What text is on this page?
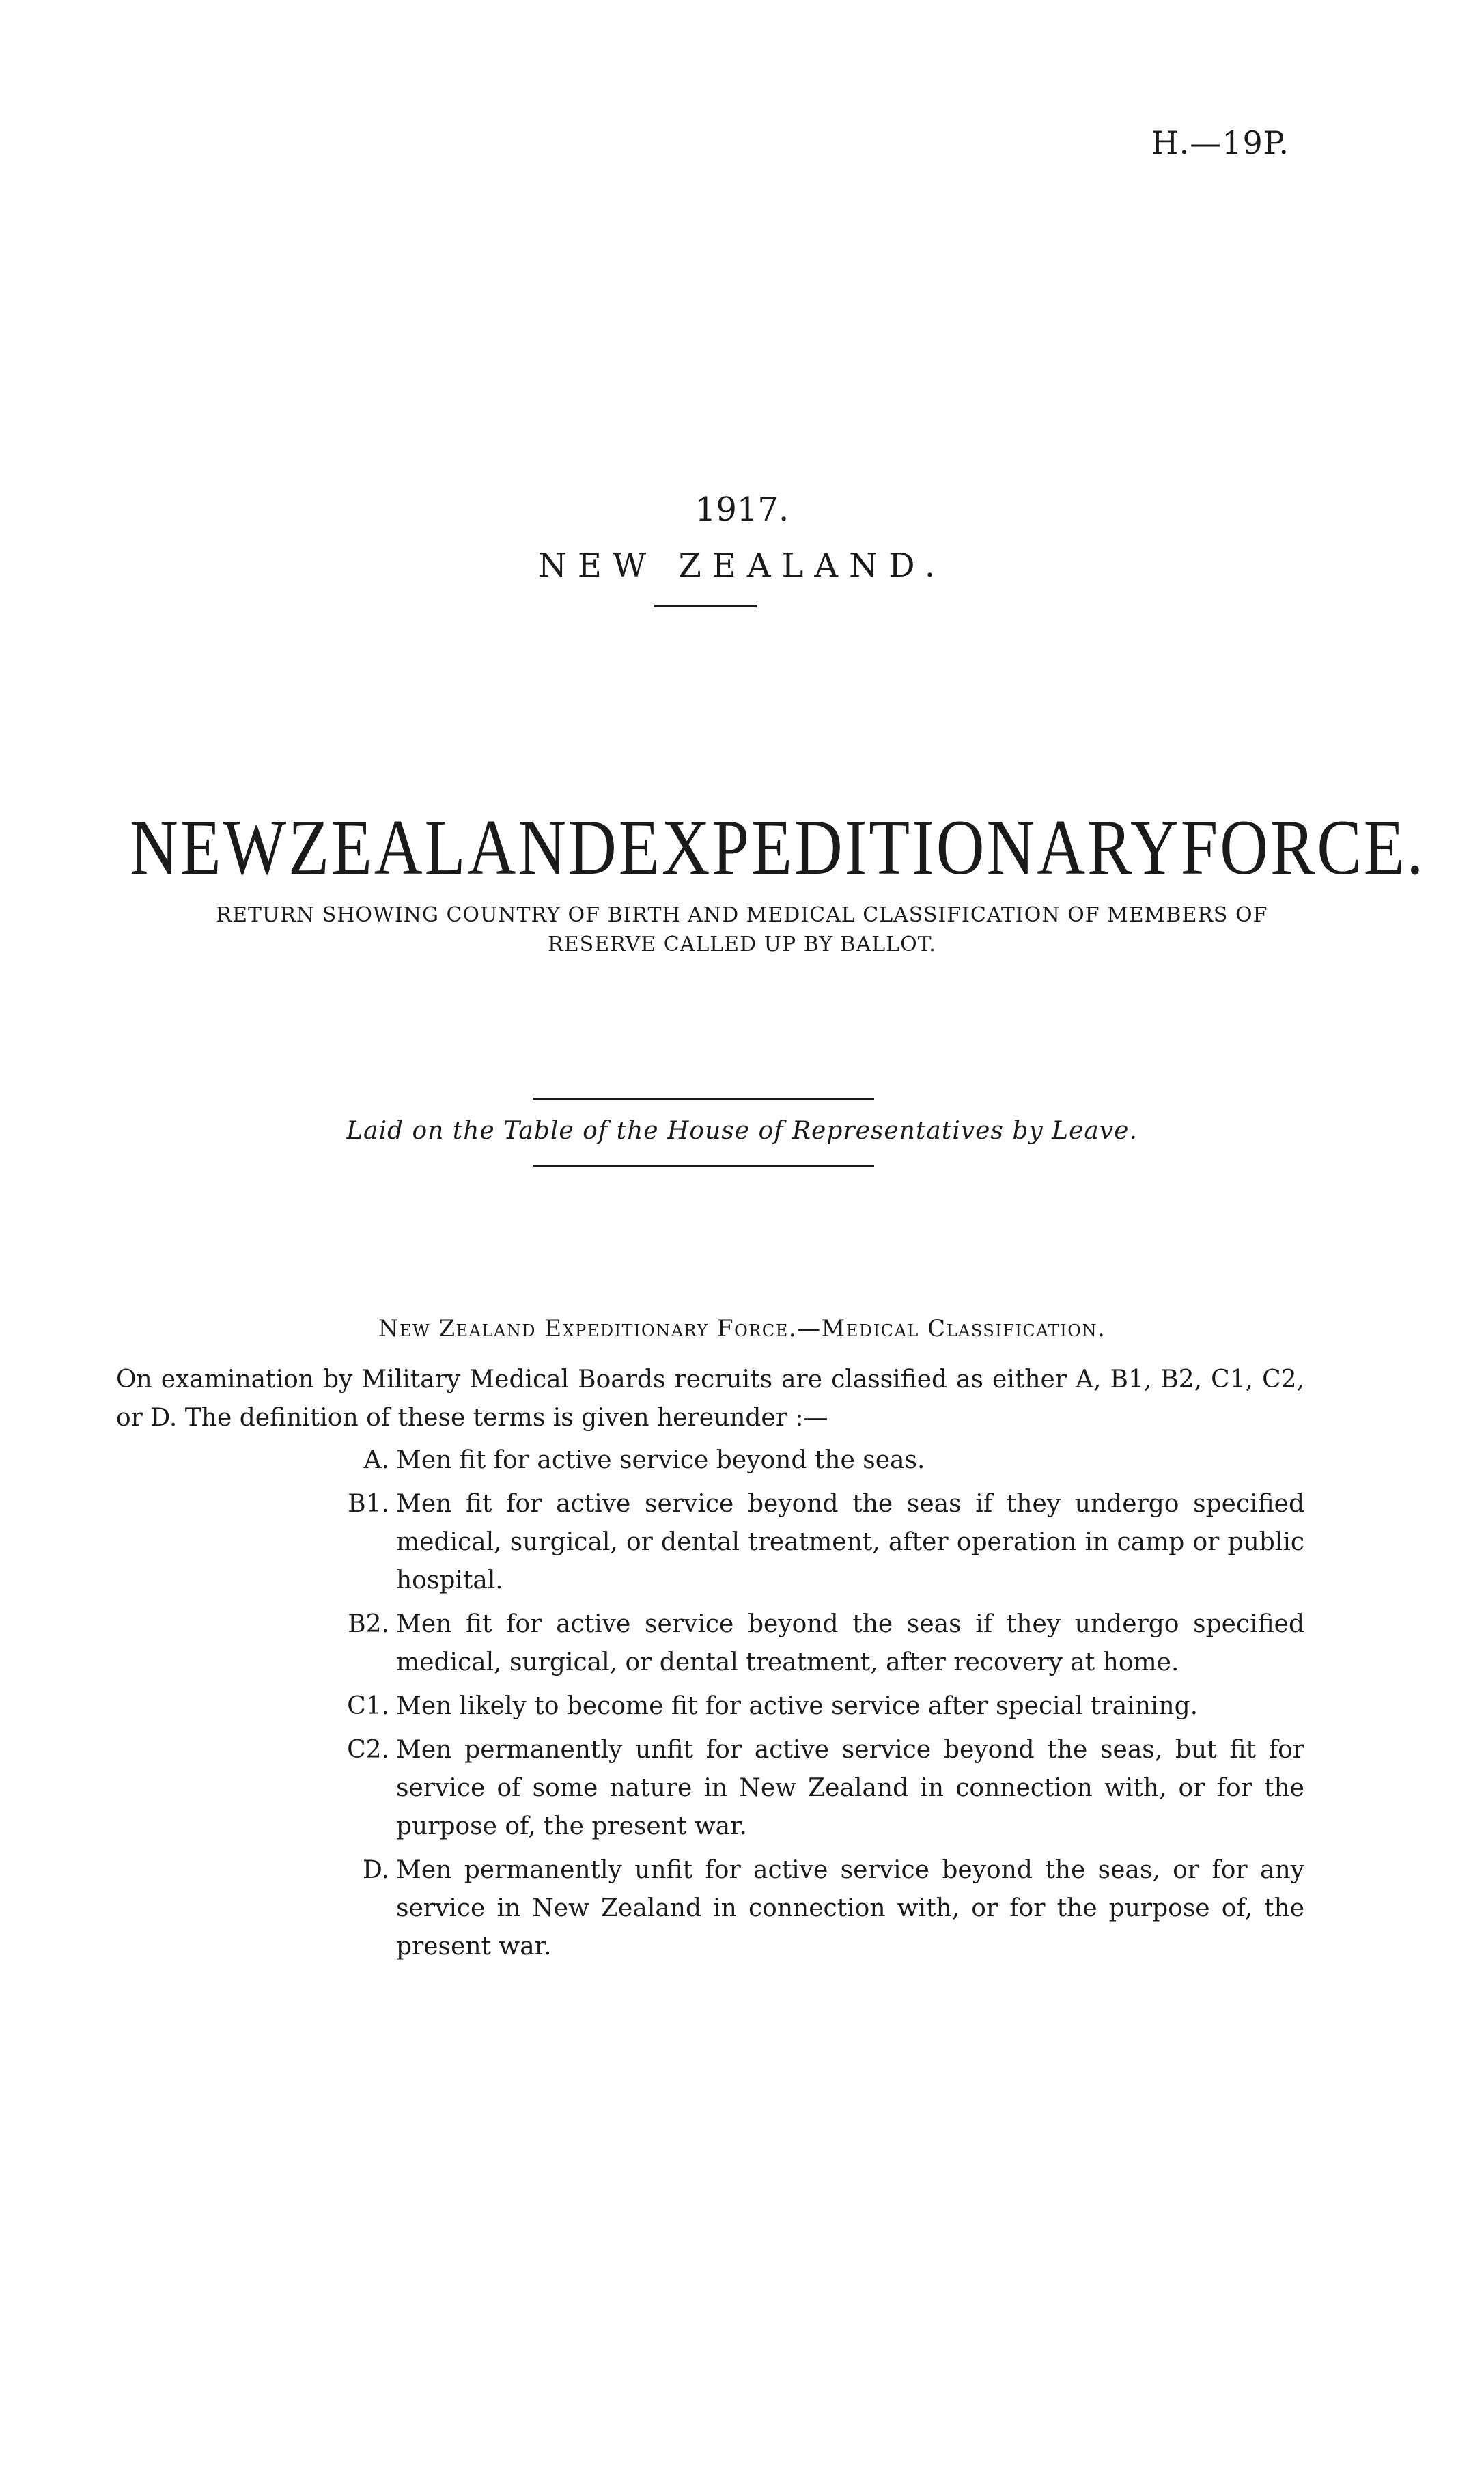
H.—19P.
1917.
NEW ZEALAND.
NEW ZEALAND EXPEDITIONARY FORCE.
RETURN SHOWING COUNTRY OF BIRTH AND MEDICAL CLASSIFICATION OF MEMBERS OF
RESERVE CALLED UP BY BALLOT.
Laid on the Table of the House of Representatives by Leave.
New Zealand Expeditionary Force.—Medical Classification.
On examination by Military Medical Boards recruits are classified as either A, B1, B2, C1, C2, or D. The definition of these terms is given hereunder :—
A. Men fit for active service beyond the seas.
B1. Men fit for active service beyond the seas if they undergo specified medical, surgical, or dental treatment, after operation in camp or public hospital.
B2. Men fit for active service beyond the seas if they undergo specified medical, surgical, or dental treatment, after recovery at home.
C1. Men likely to become fit for active service after special training.
C2. Men permanently unfit for active service beyond the seas, but fit for service of some nature in New Zealand in connection with, or for the purpose of, the present war.
D. Men permanently unfit for active service beyond the seas, or for any service in New Zealand in connection with, or for the purpose of, the present war.
